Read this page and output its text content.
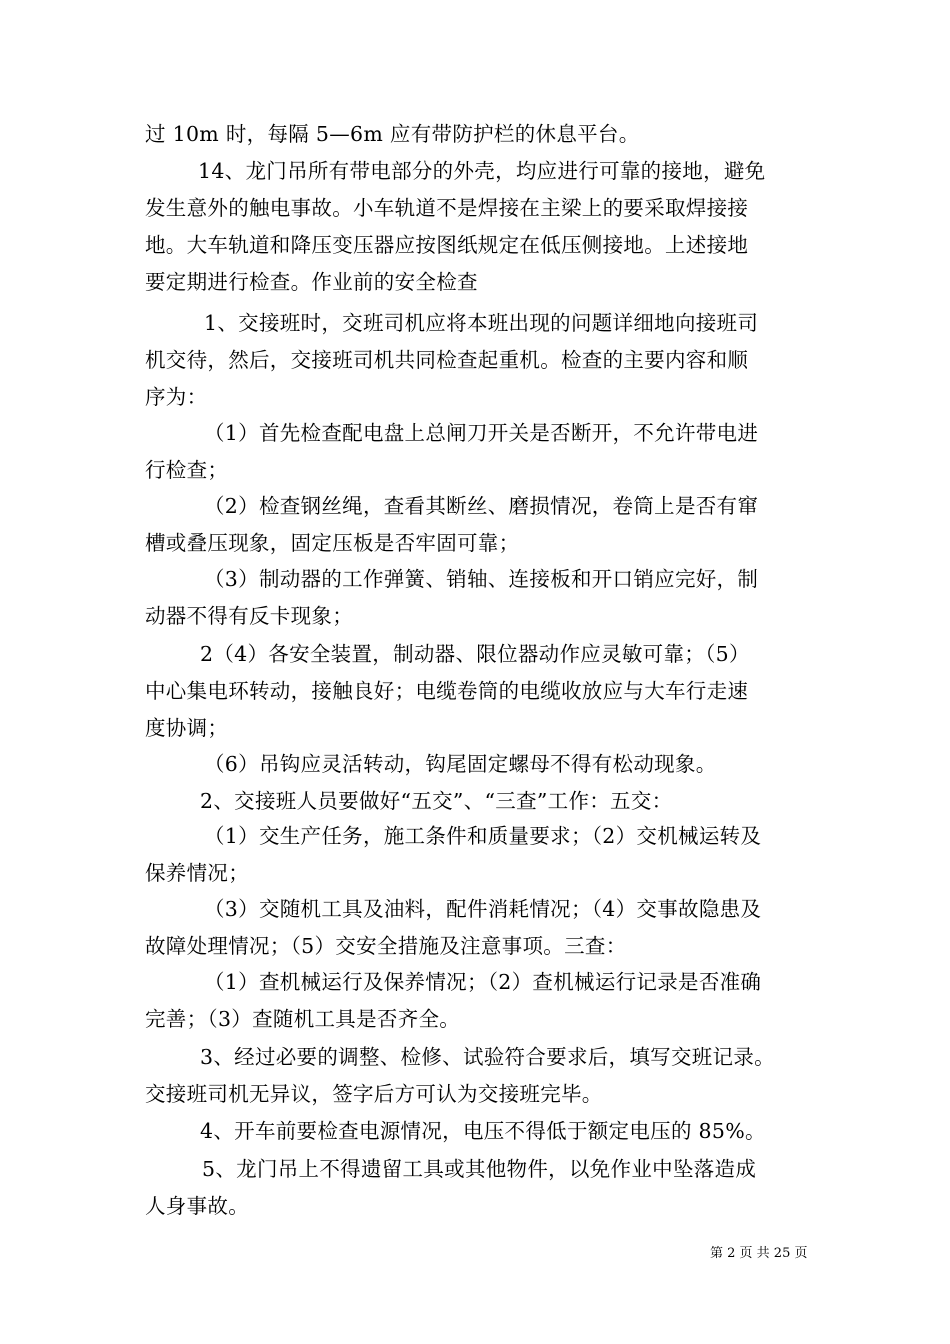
过 10m 时，每隔 5—6m 应有带防护栏的休息平台。
14、龙门吊所有带电部分的外壳，均应进行可靠的接地，避免
发生意外的触电事故。小车轨道不是焊接在主梁上的要采取焊接接
地。大车轨道和降压变压器应按图纸规定在低压侧接地。上述接地
要定期进行检查。作业前的安全检查
1、交接班时，交班司机应将本班出现的问题详细地向接班司
机交待，然后，交接班司机共同检查起重机。检查的主要内容和顺
序为：
（1）首先检查配电盘上总闸刀开关是否断开，不允许带电进
行检查；
（2）检查钢丝绳，查看其断丝、磨损情况，卷筒上是否有窜
槽或叠压现象，固定压板是否牢固可靠；
（3）制动器的工作弹簧、销轴、连接板和开口销应完好，制
动器不得有反卡现象；
2（4）各安全装置，制动器、限位器动作应灵敏可靠；（5）
中心集电环转动，接触良好；电缆卷筒的电缆收放应与大车行走速
度协调；
（6）吊钩应灵活转动，钩尾固定螺母不得有松动现象。
2、交接班人员要做好“五交”、“三查”工作：五交：
（1）交生产任务，施工条件和质量要求；（2）交机械运转及
保养情况；
（3）交随机工具及油料，配件消耗情况；（4）交事故隐患及
故障处理情况；（5）交安全措施及注意事项。三查：
（1）查机械运行及保养情况；（2）查机械运行记录是否准确
完善；（3）查随机工具是否齐全。
3、经过必要的调整、检修、试验符合要求后，填写交班记录。
交接班司机无异议，签字后方可认为交接班完毕。
4、开车前要检查电源情况，电压不得低于额定电压的 85%。
5、龙门吊上不得遗留工具或其他物件，以免作业中坠落造成
人身事故。
第 2 页 共 25 页
